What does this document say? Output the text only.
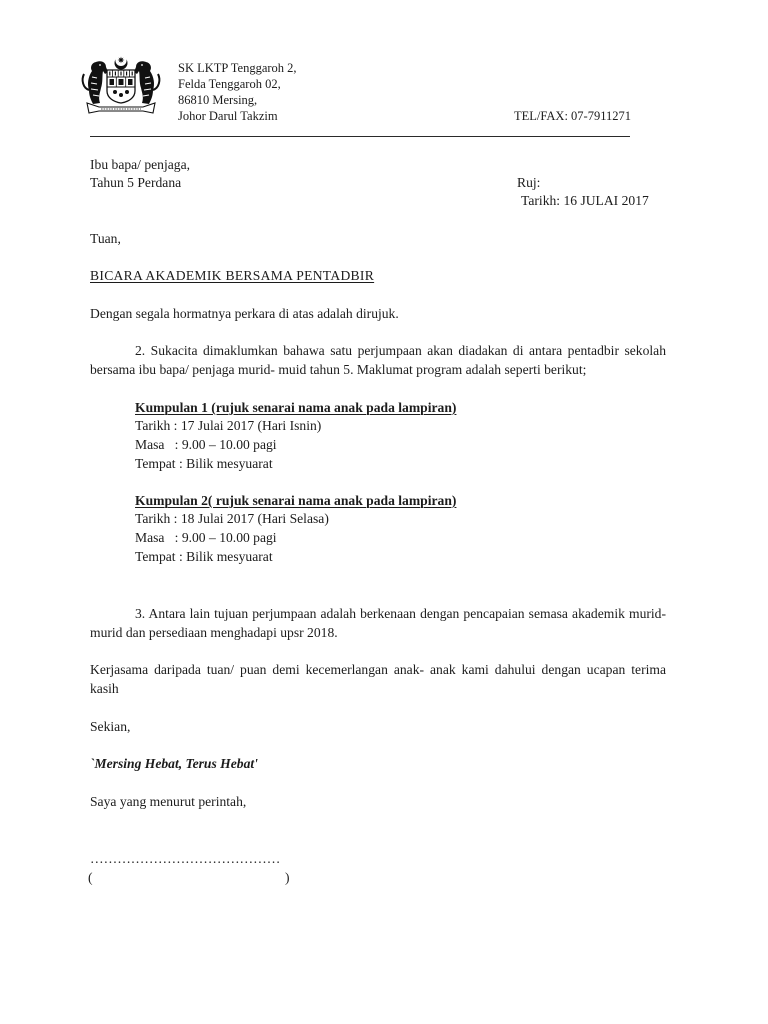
SK LKTP Tenggaroh 2,
Felda Tenggaroh 02,
86810 Mersing,
Johor Darul Takzim	TEL/FAX: 07-7911271
Ibu bapa/ penjaga,
Tahun 5 Perdana	Ruj:
Tarikh: 16 JULAI 2017
Tuan,
BICARA AKADEMIK BERSAMA PENTADBIR
Dengan segala hormatnya perkara di atas adalah dirujuk.
2. Sukacita dimaklumkan bahawa satu perjumpaan akan diadakan di antara pentadbir sekolah
bersama ibu bapa/ penjaga murid- muid tahun 5. Maklumat program adalah seperti berikut;
Kumpulan 1 (rujuk senarai nama anak pada lampiran)
Tarikh : 17 Julai 2017 (Hari Isnin)
Masa   : 9.00 – 10.00 pagi
Tempat : Bilik mesyuarat
Kumpulan 2( rujuk senarai nama anak pada lampiran)
Tarikh : 18 Julai 2017 (Hari Selasa)
Masa   : 9.00 – 10.00 pagi
Tempat : Bilik mesyuarat
3. Antara lain tujuan perjumpaan adalah berkenaan dengan pencapaian semasa akademik murid-
murid dan persediaan menghadapi upsr 2018.
Kerjasama daripada tuan/ puan demi kecemerlangan anak- anak kami dahului dengan ucapan terima
kasih
Sekian,
`Mersing Hebat, Terus Hebat'
Saya yang menurut perintah,
……………………………………
(	)
